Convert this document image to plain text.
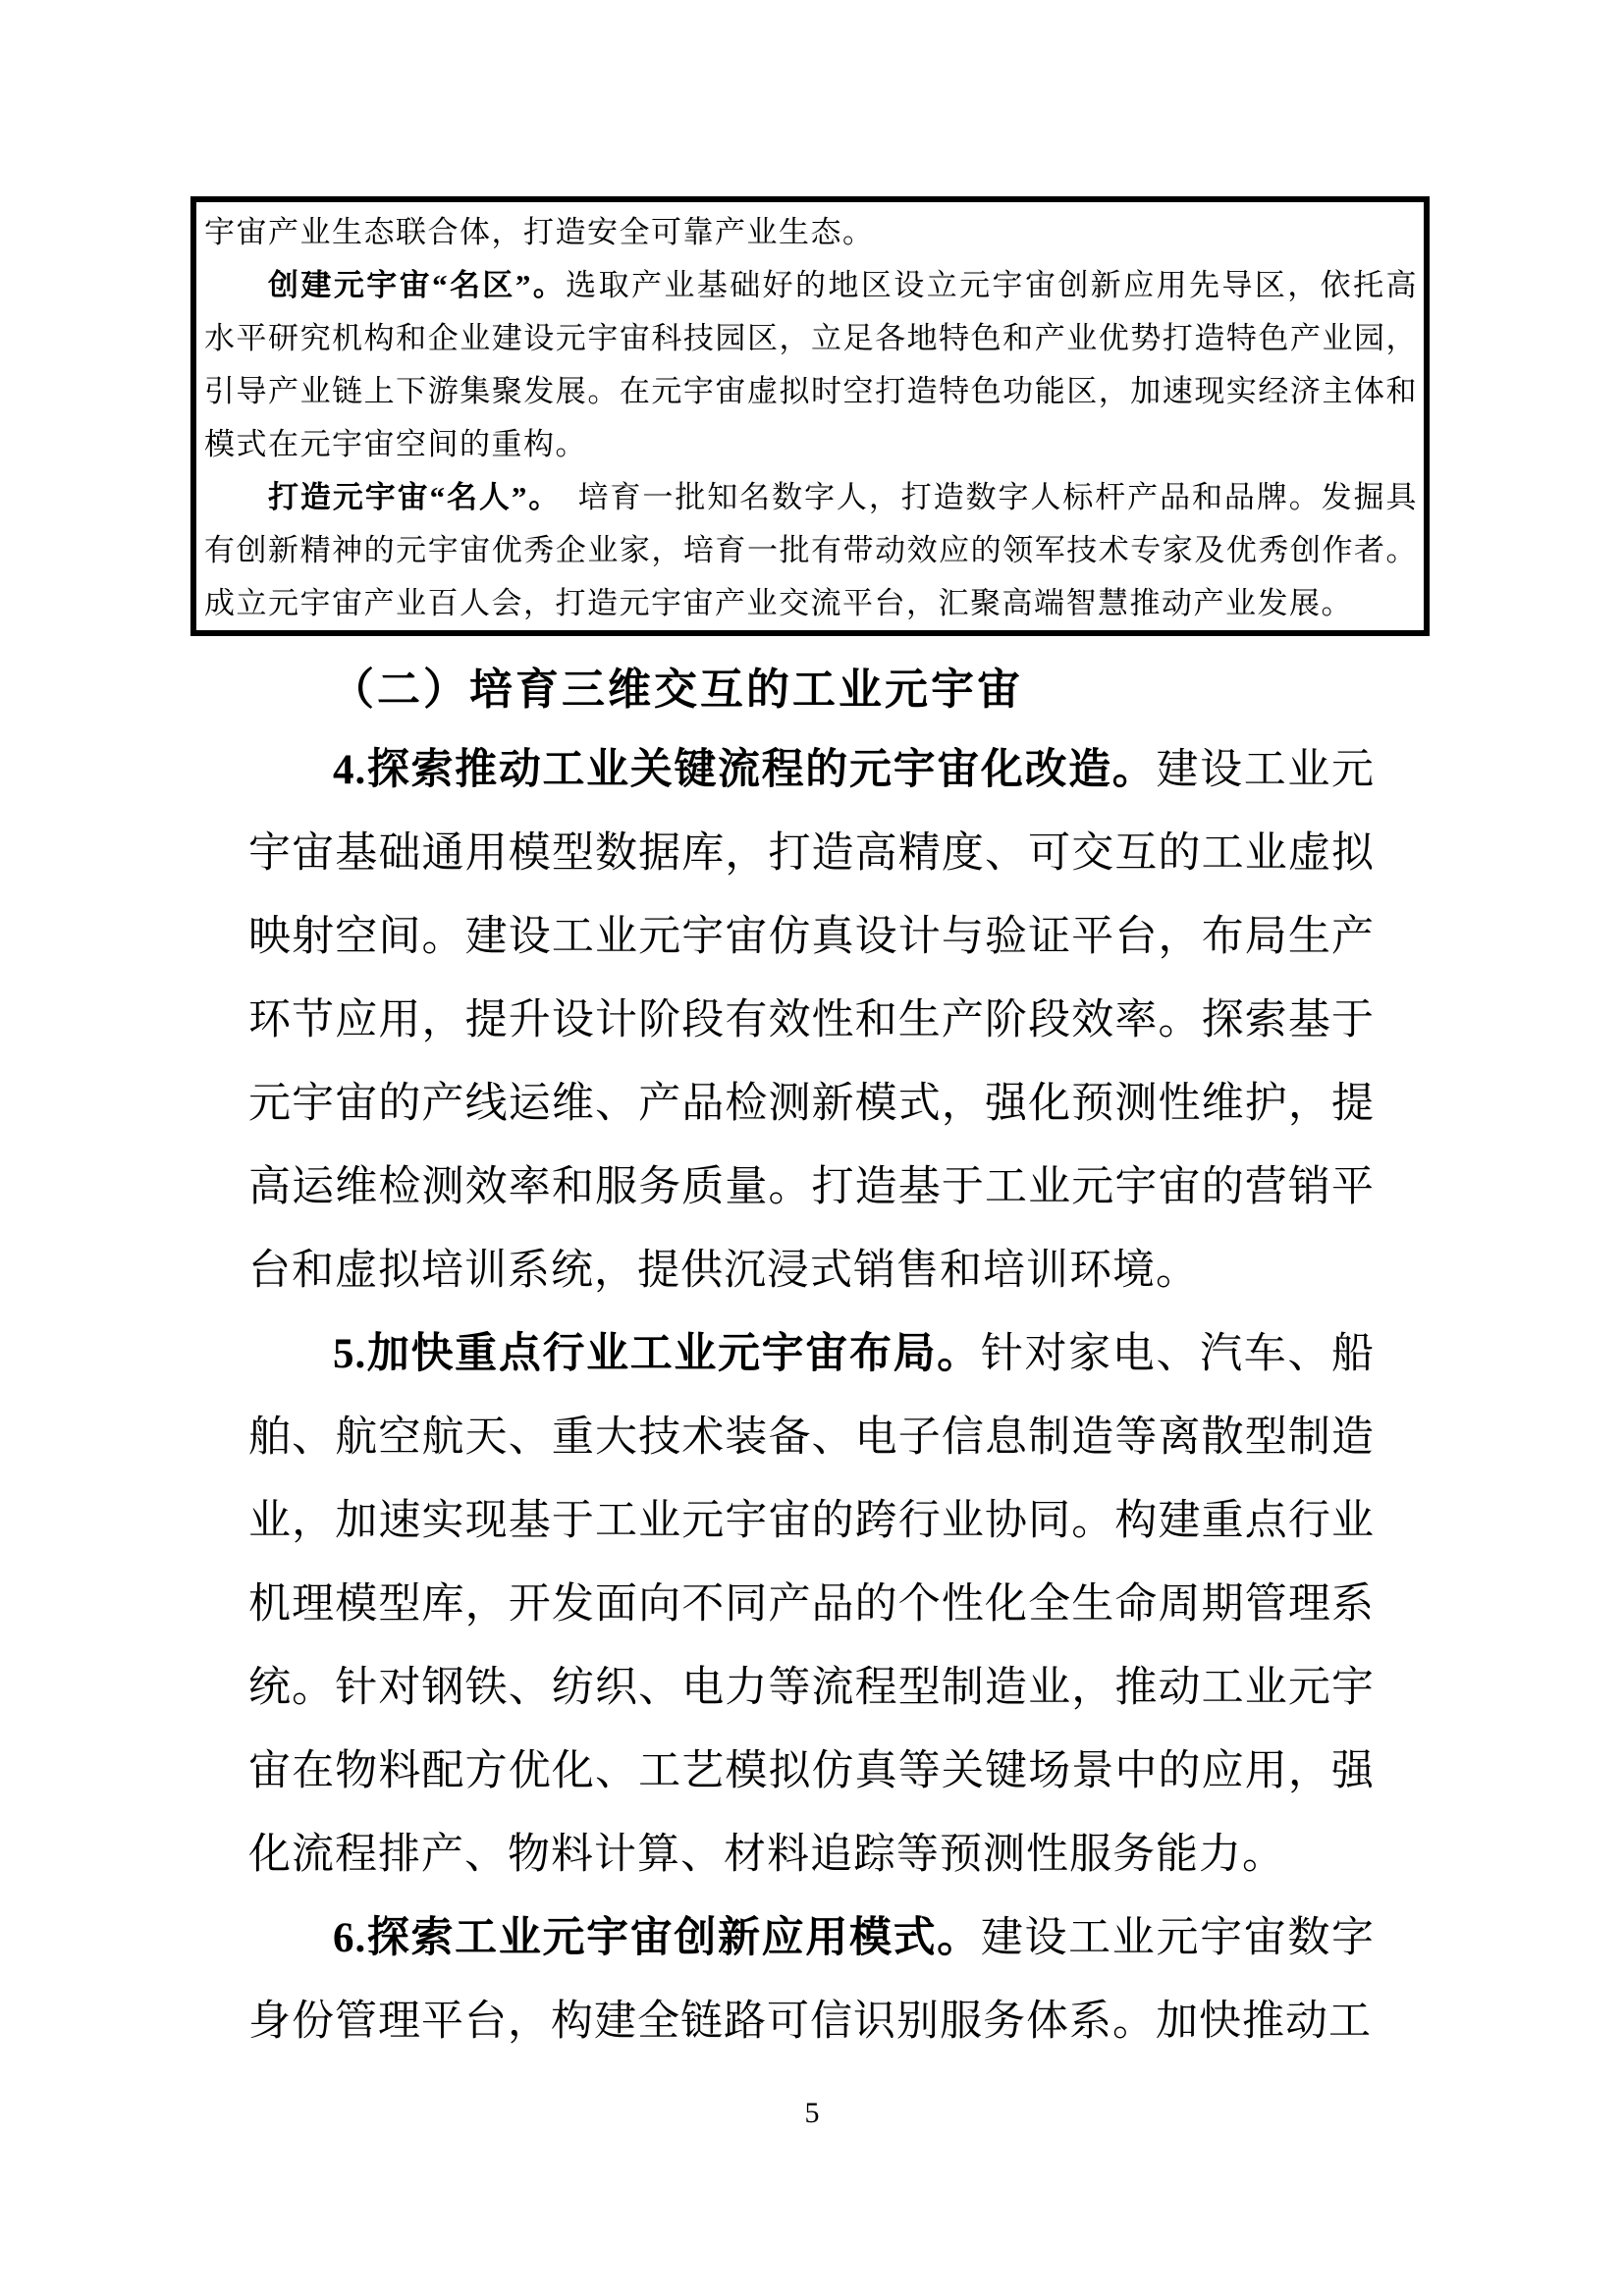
宇宙产业生态联合体，打造安全可靠产业生态。

创建元宇宙“名区”。选取产业基础好的地区设立元宇宙创新应用先导区，依托高水平研究机构和企业建设元宇宙科技园区，立足各地特色和产业优势打造特色产业园，引导产业链上下游集聚发展。在元宇宙虚拟时空打造特色功能区，加速现实经济主体和模式在元宇宙空间的重构。

打造元宇宙“名人”。　培育一批知名数字人，打造数字人标杆产品和品牌。发掘具有创新精神的元宇宙优秀企业家，培育一批有带动效应的领军技术专家及优秀创作者。成立元宇宙产业百人会，打造元宇宙产业交流平台，汇聚高端智慧推动产业发展。

（二）培育三维交互的工业元宇宙

4.探索推动工业关键流程的元宇宙化改造。建设工业元宇宙基础通用模型数据库，打造高精度、可交互的工业虚拟映射空间。建设工业元宇宙仿真设计与验证平台，布局生产环节应用，提升设计阶段有效性和生产阶段效率。探索基于元宇宙的产线运维、产品检测新模式，强化预测性维护，提高运维检测效率和服务质量。打造基于工业元宇宙的营销平台和虚拟培训系统，提供沉浸式销售和培训环境。

5.加快重点行业工业元宇宙布局。针对家电、汽车、船舶、航空航天、重大技术装备、电子信息制造等离散型制造业，加速实现基于工业元宇宙的跨行业协同。构建重点行业机理模型库，开发面向不同产品的个性化全生命周期管理系统。针对钢铁、纺织、电力等流程型制造业，推动工业元宇宙在物料配方优化、工艺模拟仿真等关键场景中的应用，强化流程排产、物料计算、材料追踪等预测性服务能力。

6.探索工业元宇宙创新应用模式。建设工业元宇宙数字身份管理平台，构建全链路可信识别服务体系。加快推动工

5
